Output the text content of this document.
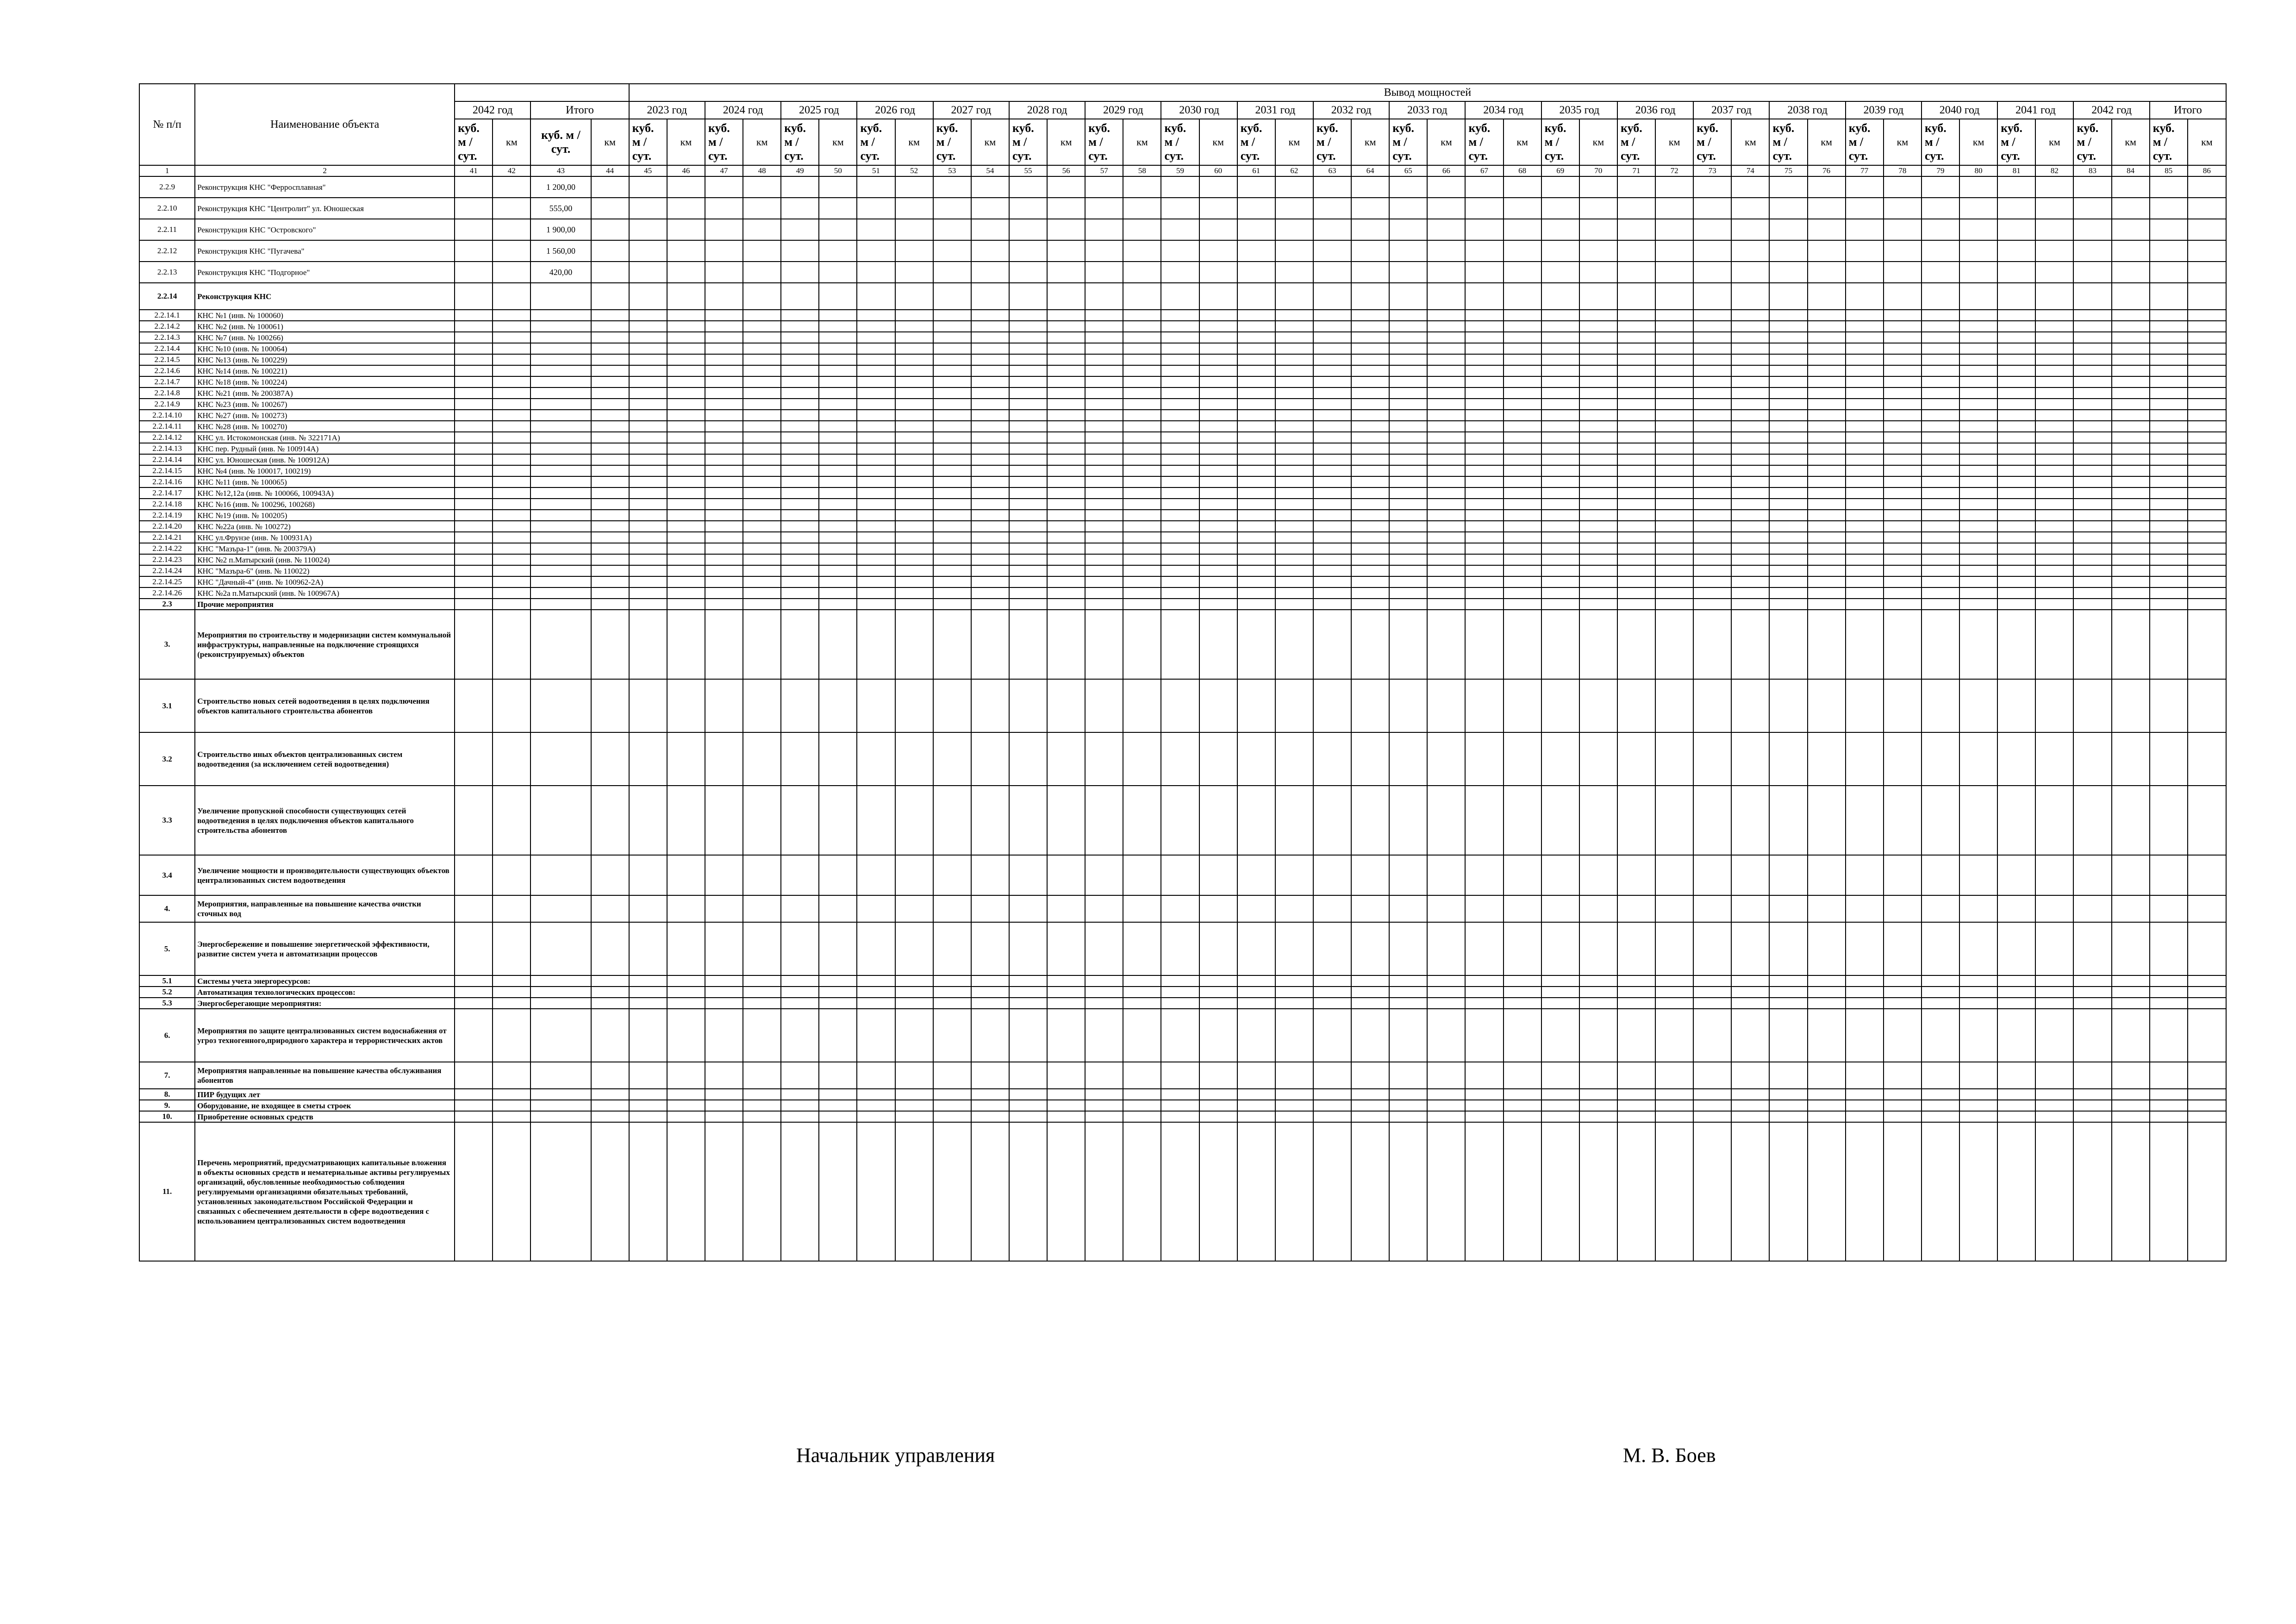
№ п/п	Наименование объекта					Вывод мощностей																																									
		2042 год		Итого		2023 год		2024 год		2025 год		2026 год		2027 год		2028 год		2029 год		2030 год		2031 год		2032 год		2033 год		2034 год		2035 год		2036 год		2037 год		2038 год		2039 год		2040 год		2041 год		2042 год		Итого	
		куб. м / сут.	км	куб. м / сут.	км	куб. м / сут.	км	куб. м / сут.	км	куб. м / сут.	км	куб. м / сут.	км	куб. м / сут.	км	куб. м / сут.	км	куб. м / сут.	км	куб. м / сут.	км	куб. м / сут.	км	куб. м / сут.	км	куб. м / сут.	км	куб. м / сут.	км	куб. м / сут.	км	куб. м / сут.	км	куб. м / сут.	км	куб. м / сут.	км	куб. м / сут.	км	куб. м / сут.	км	куб. м / сут.	км	куб. м / сут.	км	куб. м / сут.	км
1	2	41	42	43	44	45	46	47	48	49	50	51	52	53	54	55	56	57	58	59	60	61	62	63	64	65	66	67	68	69	70	71	72	73	74	75	76	77	78	79	80	81	82	83	84	85	86
2.2.9	Реконструкция КНС "Ферросплавная"			1 200,00																																											
2.2.10	Реконструкция КНС "Центролит" ул. Юношеская			555,00																																											
2.2.11	Реконструкция КНС "Островского"			1 900,00																																											
2.2.12	Реконструкция КНС "Пугачева"			1 560,00																																											
2.2.13	Реконструкция КНС "Подгорное"			420,00																																											
2.2.14	Реконструкция КНС																																														
2.2.14.1	КНС №1 (инв. № 100060)																																														
2.2.14.2	КНС №2 (инв. № 100061)																																														
2.2.14.3	КНС №7 (инв. № 100266)																																														
2.2.14.4	КНС №10 (инв. № 100064)																																														
2.2.14.5	КНС №13 (инв. № 100229)																																														
2.2.14.6	КНС №14 (инв. № 100221)																																														
2.2.14.7	КНС №18 (инв. № 100224)																																														
2.2.14.8	КНС №21 (инв. № 200387А)																																														
2.2.14.9	КНС №23 (инв. № 100267)																																														
2.2.14.10	КНС №27 (инв. № 100273)																																														
2.2.14.11	КНС №28 (инв. № 100270)																																														
2.2.14.12	КНС ул. Истокомонская (инв. № 322171А)																																														
2.2.14.13	КНС пер. Рудный (инв. № 100914А)																																														
2.2.14.14	КНС ул. Юношеская (инв. № 100912А)																																														
2.2.14.15	КНС №4 (инв. № 100017, 100219)																																														
2.2.14.16	КНС №11 (инв. № 100065)																																														
2.2.14.17	КНС №12,12а (инв. № 100066, 100943А)																																														
2.2.14.18	КНС №16 (инв. № 100296, 100268)																																														
2.2.14.19	КНС №19 (инв. № 100205)																																														
2.2.14.20	КНС №22а (инв. № 100272)																																														
2.2.14.21	КНС ул.Фрунзе (инв. № 100931А)																																														
2.2.14.22	КНС "Мазъра-1" (инв. № 200379А)																																														
2.2.14.23	КНС №2 п.Матырский (инв. № 110024)																																														
2.2.14.24	КНС "Мазъра-6" (инв. № 110022)																																														
2.2.14.25	КНС "Дачный-4" (инв. № 100962-2А)																																														
2.2.14.26	КНС №2а п.Матырский (инв. № 100967А)																																														
2.3	Прочие мероприятия																																														
3.	Мероприятия по строительству и модернизации систем коммунальной инфраструктуры, направленные на подключение строящихся (реконструируемых) объектов																																														
3.1	Строительство новых сетей водоотведения в целях подключения объектов капитального строительства абонентов																																														
3.2	Строительство иных объектов централизованных систем водоотведения (за исключением сетей водоотведения)																																														
3.3	Увеличение пропускной способности существующих сетей водоотведения в целях подключения объектов капитального строительства абонентов																																														
3.4	Увеличение мощности и производительности существующих объектов централизованных систем водоотведения																																														
4.	Мероприятия, направленные на повышение качества очистки сточных вод																																														
5.	Энергосбережение и повышение энергетической эффективности, развитие систем учета и автоматизации процессов																																														
5.1	Системы учета энергоресурсов:																																														
5.2	Автоматизация технологических процессов:																																														
5.3	Энергосберегающие мероприятия:																																														
6.	Мероприятия по защите централизованных систем водоснабжения от угроз техногенного,природного характера и террористических актов																																														
7.	Мероприятия направленные на повышение качества обслуживания абонентов																																														
8.	ПИР будущих лет																																														
9.	Оборудование, не входящее в сметы строек																																														
10.	Приобретение основных средств																																														
11.	Перечень мероприятий, предусматривающих капитальные вложения в объекты основных средств и нематериальные активы регулируемых организаций, обусловленные необходимостью соблюдения регулируемыми организациями обязательных требований, установленных законодательством Российской Федерации и связанных с обеспечением деятельности в сфере водоотведения с использованием централизованных систем водоотведения																																														
Начальник управления	М. В. Боев
